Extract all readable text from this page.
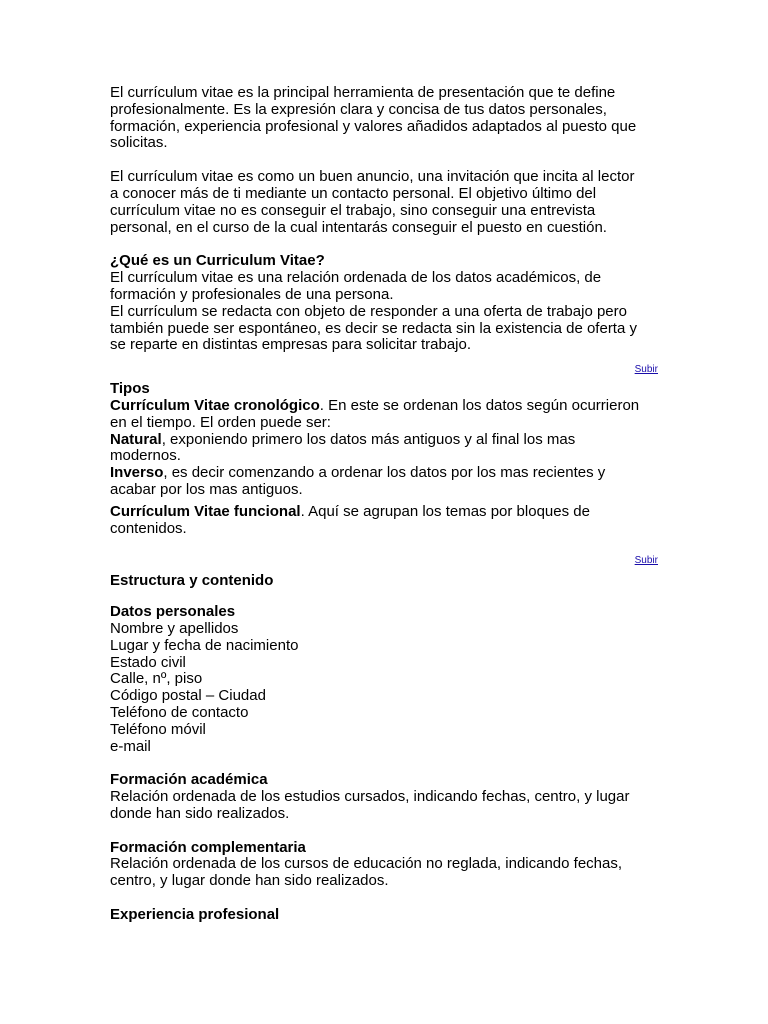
El currículum vitae es la principal herramienta de presentación que te define
profesionalmente. Es la expresión clara y concisa de tus datos personales,
formación, experiencia profesional y valores añadidos adaptados al puesto que
solicitas.

El currículum vitae es como un buen anuncio, una invitación que incita al lector
a conocer más de ti mediante un contacto personal. El objetivo último del
currículum vitae no es conseguir el trabajo, sino conseguir una entrevista
personal, en el curso de la cual intentarás conseguir el puesto en cuestión.

¿Qué es un Curriculum Vitae?
El currículum vitae es una relación ordenada de los datos académicos, de
formación y profesionales de una persona.
El currículum se redacta con objeto de responder a una oferta de trabajo pero
también puede ser espontáneo, es decir se redacta sin la existencia de oferta y
se reparte en distintas empresas para solicitar trabajo.
Subir
Tipos
Currículum Vitae cronológico. En este se ordenan los datos según ocurrieron
en el tiempo. El orden puede ser:
Natural, exponiendo primero los datos más antiguos y al final los mas
modernos.
Inverso, es decir comenzando a ordenar los datos por los mas recientes y
acabar por los mas antiguos.
Currículum Vitae funcional. Aquí se agrupan los temas por bloques de
contenidos.
Subir
Estructura y contenido
Datos personales
Nombre y apellidos
Lugar y fecha de nacimiento
Estado civil
Calle, nº, piso
Código postal – Ciudad
Teléfono de contacto
Teléfono móvil
e-mail
Formación académica
Relación ordenada de los estudios cursados, indicando fechas, centro, y lugar
donde han sido realizados.
Formación complementaria
Relación ordenada de los cursos de educación no reglada, indicando fechas,
centro, y lugar donde han sido realizados.
Experiencia profesional
